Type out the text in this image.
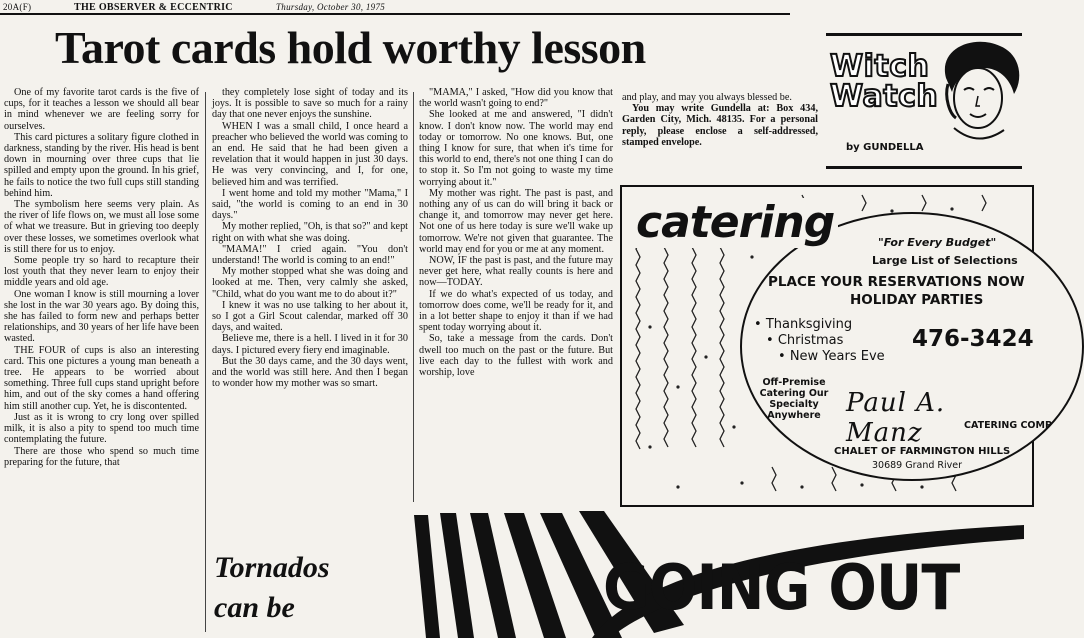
20A(F)	THE OBSERVER & ECCENTRIC	Thursday, October 30, 1975
Tarot cards hold worthy lesson

One of my favorite tarot cards is the five of cups, for it teaches a lesson we should all bear in mind whenever we are feeling sorry for ourselves.

This card pictures a solitary figure clothed in darkness, standing by the river. His head is bent down in mourning over three cups that lie spilled and empty upon the ground. In his grief, he fails to notice the two full cups still standing behind him.

The symbolism here seems very plain. As the river of life flows on, we must all lose some of what we treasure. But in grieving too deeply over these losses, we sometimes overlook what is still there for us to enjoy.

Some people try so hard to recapture their lost youth that they never learn to enjoy their middle years and old age.

One woman I know is still mourning a lover she lost in the war 30 years ago. By doing this, she has failed to form new and perhaps better relationships, and 30 years of her life have been wasted.

THE FOUR of cups is also an interesting card. This one pictures a young man beneath a tree. He appears to be worried about something. Three full cups stand upright before him, and out of the sky comes a hand offering him still another cup. Yet, he is discontented.

Just as it is wrong to cry long over spilled milk, it is also a pity to spend too much time contemplating the future.

There are those who spend so much time preparing for the future, that

they completely lose sight of today and its joys. It is possible to save so much for a rainy day that one never enjoys the sunshine.

WHEN I was a small child, I once heard a preacher who believed the world was coming to an end. He said that he had been given a revelation that it would happen in just 30 days. He was very convincing, and I, for one, believed him and was terrified.

I went home and told my mother "Mama," I said, "the world is coming to an end in 30 days."

My mother replied, "Oh, is that so?" and kept right on with what she was doing.

"MAMA!" I cried again. "You don't understand! The world is coming to an end!"

My mother stopped what she was doing and looked at me. Then, very calmly she asked, "Child, what do you want me to do about it?"

I knew it was no use talking to her about it, so I got a Girl Scout calendar, marked off 30 days, and waited.

Believe me, there is a hell. I lived in it for 30 days. I pictured every fiery end imaginable.

But the 30 days came, and the 30 days went, and the world was still here. And then I began to wonder how my mother was so smart.

Tornados
can be

"MAMA," I asked, "How did you know that the world wasn't going to end?"

She looked at me and answered, "I didn't know. I don't know now. The world may end today or tomorrow. No one knows. But, one thing I know for sure, that when it's time for this world to end, there's not one thing I can do to stop it. So I'm not going to waste my time worrying about it."

My mother was right. The past is past, and nothing any of us can do will bring it back or change it, and tomorrow may never get here. Not one of us here today is sure we'll wake up tomorrow. We're not given that guarantee. The world may end for you or me at any moment.

NOW, IF the past is past, and the future may never get here, what really counts is here and now—TODAY.

If we do what's expected of us today, and tomorrow does come, we'll be ready for it, and in a lot better shape to enjoy it than if we had spent today worrying about it.

So, take a message from the cards. Don't dwell too much on the past or the future. But live each day to the fullest with work and worship, love

and play, and may you always blessed be.

You may write Gundella at: Box 434, Garden City, Mich. 48135. For a personal reply, please enclose a self-addressed, stamped envelope.

Witch
Watch
by GUNDELLA
catering	"For Every Budget"
Large List of Selections
PLACE YOUR RESERVATIONS NOW
HOLIDAY PARTIES
• Thanksgiving
• Christmas
• New Years Eve
476-3424
Off-Premise
Catering Our
Specialty
Anywhere Paul A. Manz	CATERING COMP
CHALET OF FARMINGTON HILLS
30689 Grand River
GOING OUT
